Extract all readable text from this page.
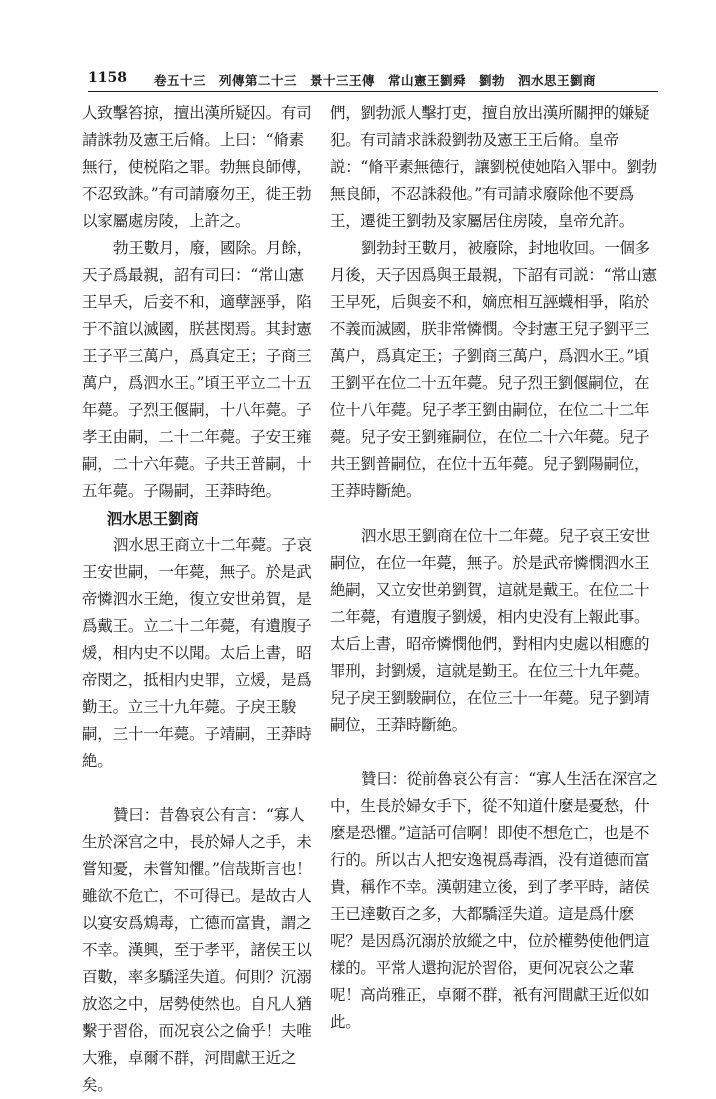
1158 卷五十三　列傳第二十三　景十三王傳　常山憲王劉舜　劉勃　泗水思王劉商

人致擊笞掠，擅出漢所疑囚。有司請誅勃及憲王后脩。上曰：“脩素無行，使棁陷之罪。勃無良師傅，不忍致誅。”有司請廢勿王，徙王勃以家屬處房陵，上許之。

勃王數月，廢，國除。月餘，天子爲最親，詔有司曰：“常山憲王早夭，后妾不和，適孽誣爭，陷于不誼以滅國，朕甚閔焉。其封憲王子平三萬户，爲真定王；子商三萬户，爲泗水王。”頃王平立二十五年薨。子烈王偃嗣，十八年薨。子孝王由嗣，二十二年薨。子安王雍嗣，二十六年薨。子共王普嗣，十五年薨。子陽嗣，王莽時绝。

泗水思王劉商

泗水思王商立十二年薨。子哀王安世嗣，一年薨，無子。於是武帝憐泗水王絶，復立安世弟賀，是爲戴王。立二十二年薨，有遺腹子煖，相内史不以聞。太后上書，昭帝閔之，抵相内史罪，立煖，是爲勤王。立三十九年薨。子戾王駿嗣，三十一年薨。子靖嗣，王莽時絶。

贊曰：昔魯哀公有言：“寡人生於深宫之中，長於婦人之手，未嘗知憂，未嘗知懼。”信哉斯言也！雖欲不危亡，不可得已。是故古人以宴安爲鴆毒，亡德而富貴，謂之不幸。漢興，至于孝平，諸侯王以百數，率多驕淫失道。何則？沉溺放恣之中，居勢使然也。自凡人猶繫于習俗，而况哀公之倫乎！夫唯大雅，卓爾不群，河間獻王近之矣。

們，劉勃派人擊打吏，擅自放出漢所關押的嫌疑犯。有司請求誅殺劉勃及憲王王后脩。皇帝説：“脩平素無德行，讓劉棁使她陷入罪中。劉勃無良師，不忍誅殺他。”有司請求廢除他不要爲王，遷徙王劉勃及家屬居住房陵，皇帝允許。

劉勃封王數月，被廢除，封地收回。一個多月後，天子因爲與王最親，下詔有司説：“常山憲王早死，后與妾不和，嫡庶相互誣蠛相爭，陷於不義而滅國，朕非常憐憫。令封憲王兒子劉平三萬户，爲真定王；子劉商三萬户，爲泗水王。”頃王劉平在位二十五年薨。兒子烈王劉偃嗣位，在位十八年薨。兒子孝王劉由嗣位，在位二十二年薨。兒子安王劉雍嗣位，在位二十六年薨。兒子共王劉普嗣位，在位十五年薨。兒子劉陽嗣位，王莽時斷絶。

泗水思王劉商在位十二年薨。兒子哀王安世嗣位，在位一年薨，無子。於是武帝憐憫泗水王絶嗣，又立安世弟劉賀，這就是戴王。在位二十二年薨，有遺腹子劉煖，相内史没有上報此事。太后上書，昭帝憐憫他們，對相内史處以相應的罪刑，封劉煖，這就是勤王。在位三十九年薨。兒子戾王劉駿嗣位，在位三十一年薨。兒子劉靖嗣位，王莽時斷絶。

贊曰：從前魯哀公有言：“寡人生活在深宫之中，生長於婦女手下，從不知道什麼是憂愁，什麼是恐懼。”這話可信啊！即使不想危亡，也是不行的。所以古人把安逸視爲毒酒，没有道德而富貴，稱作不幸。漢朝建立後，到了孝平時，諸侯王已達數百之多，大都驕淫失道。這是爲什麽呢？是因爲沉溺於放縱之中，位於權勢使他們這樣的。平常人還拘泥於習俗，更何况哀公之輩呢！高尚雅正，卓爾不群，衹有河間獻王近似如此。
